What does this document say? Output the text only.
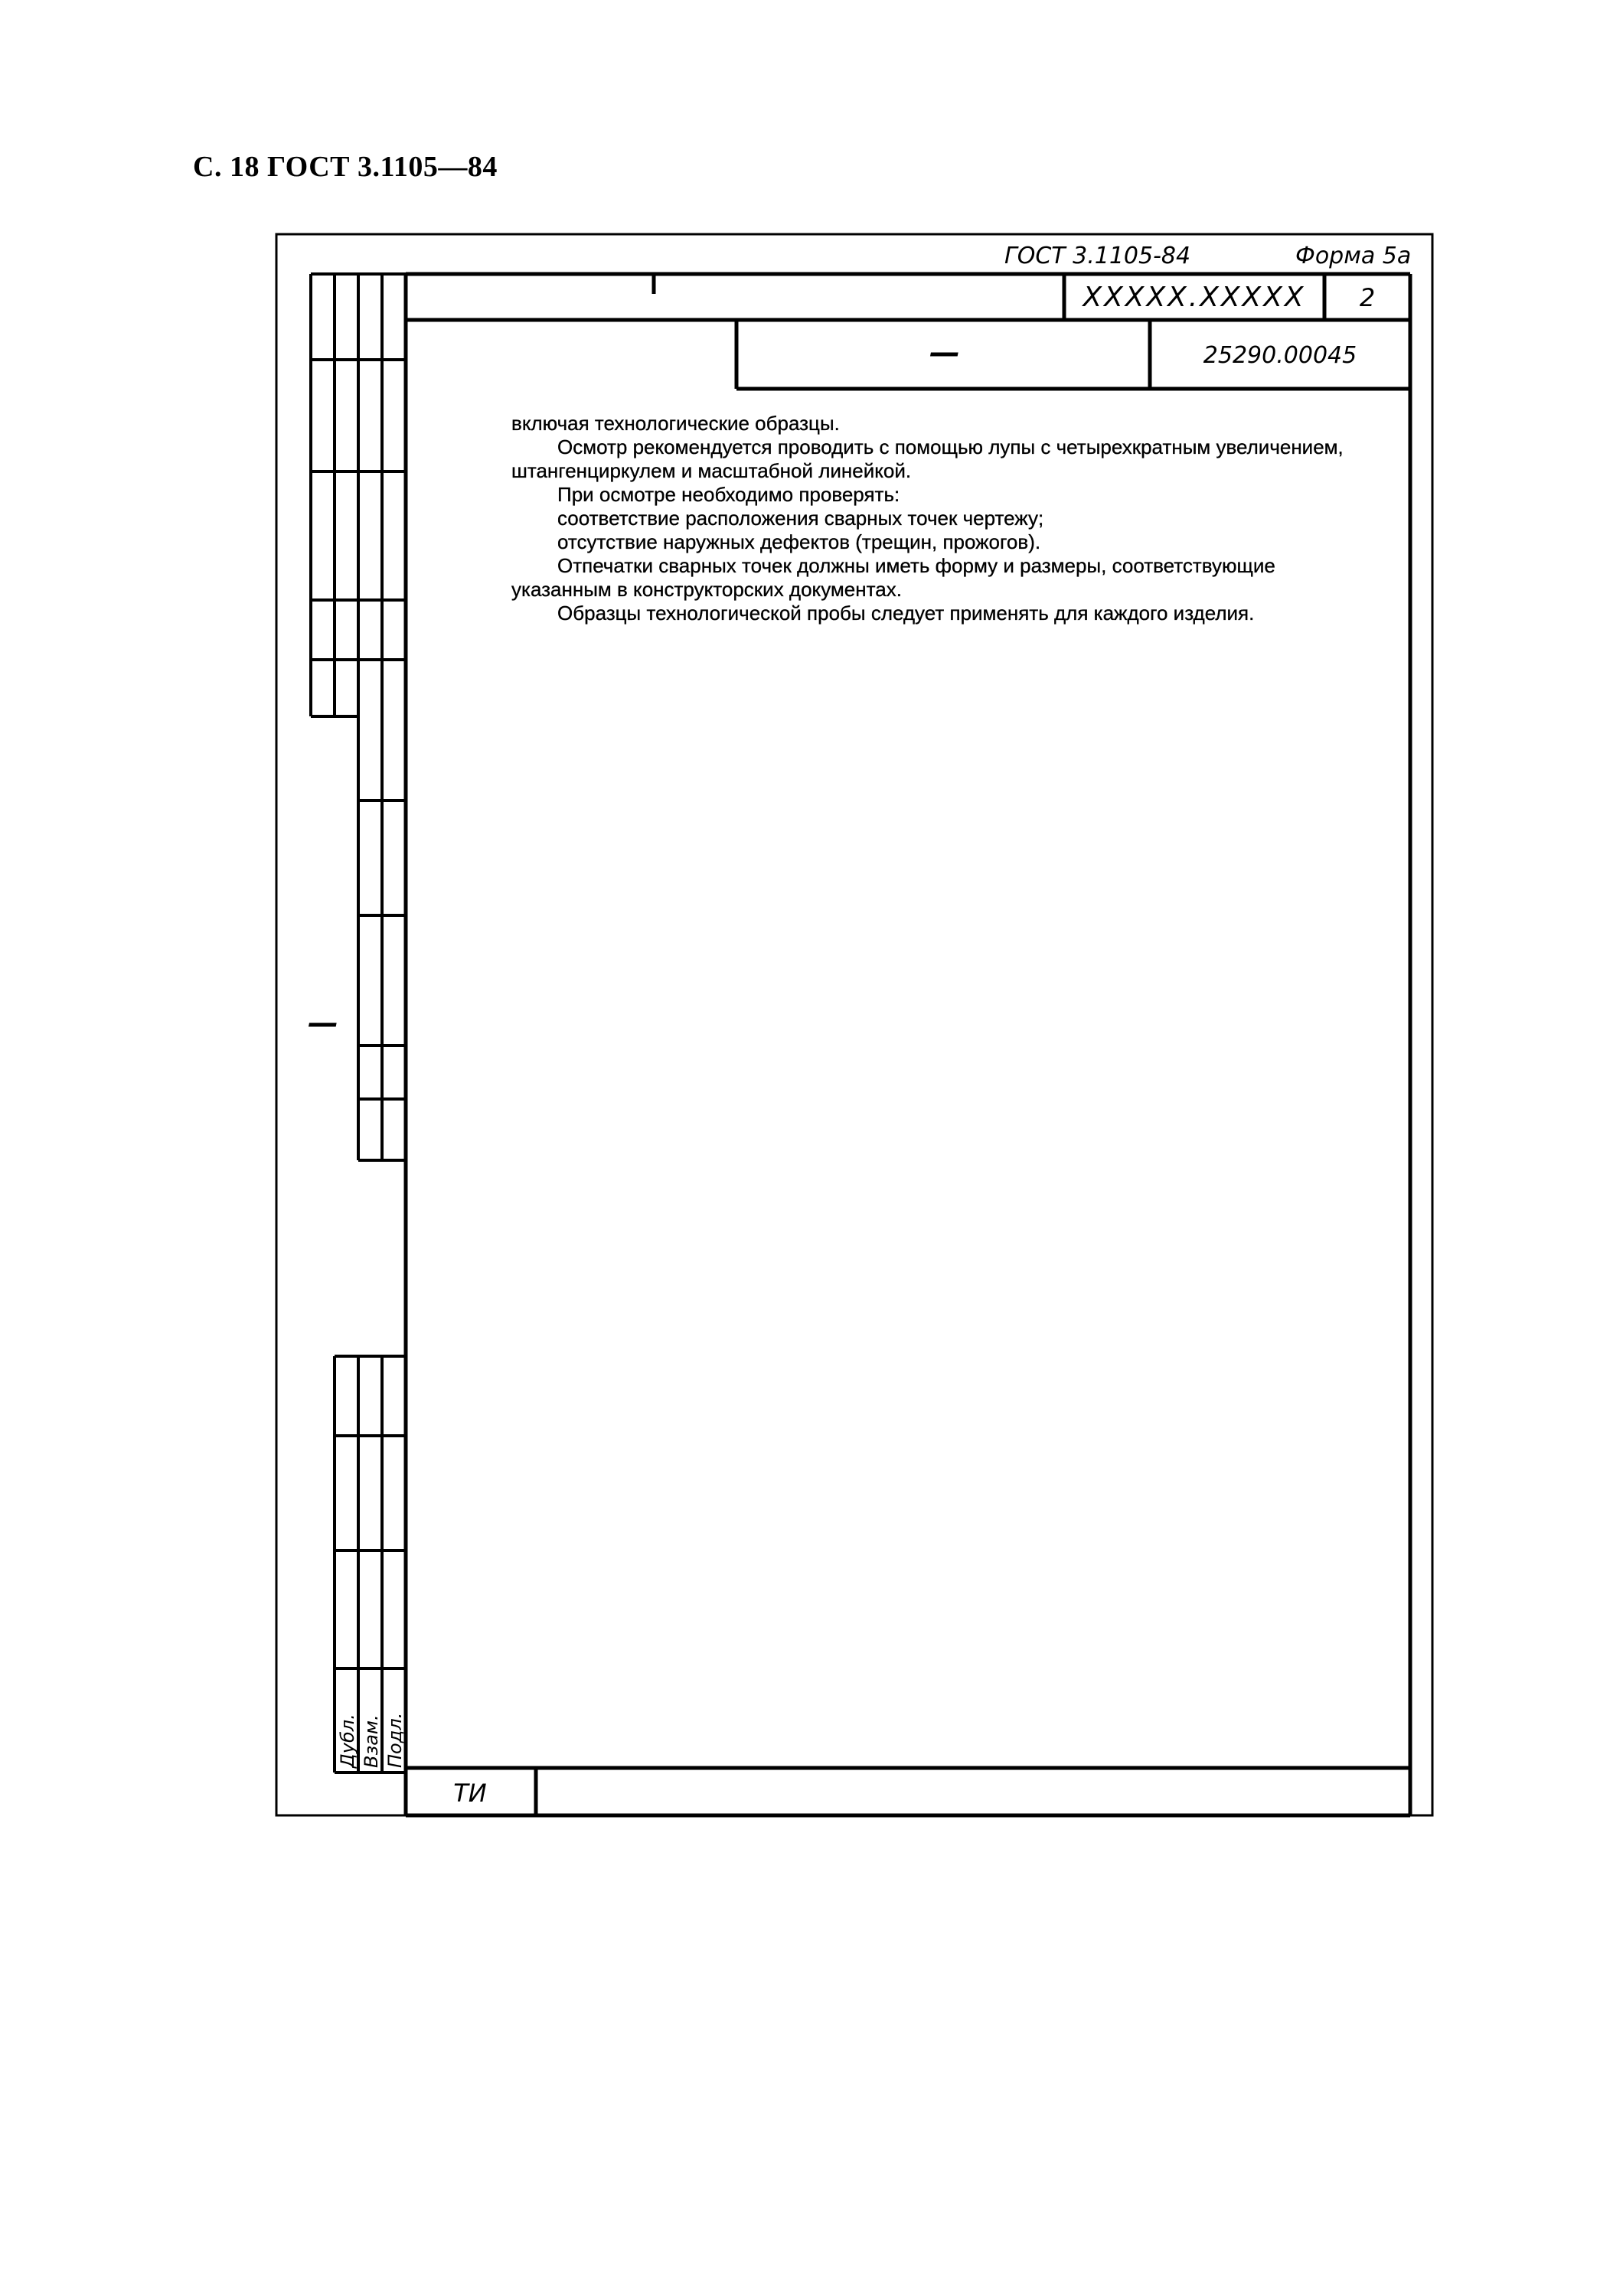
С. 18 ГОСТ 3.1105—84
ГОСТ 3.1105-84	Форма 5а
XXXXX.XXXXX 2
—	25290.00045
ТИ
—
Дубл. Взам. Подл.

включая технологические образцы.

Осмотр рекомендуется проводить с помощью лупы с четырехкратным увеличением, штангенциркулем и масштабной линейкой.

При осмотре необходимо проверять:

соответствие расположения сварных точек чертежу;

отсутствие наружных дефектов (трещин, прожогов).

Отпечатки сварных точек должны иметь форму и размеры, соответствующие указанным в конструкторских документах.

Образцы технологической пробы следует применять для каждого изделия.
